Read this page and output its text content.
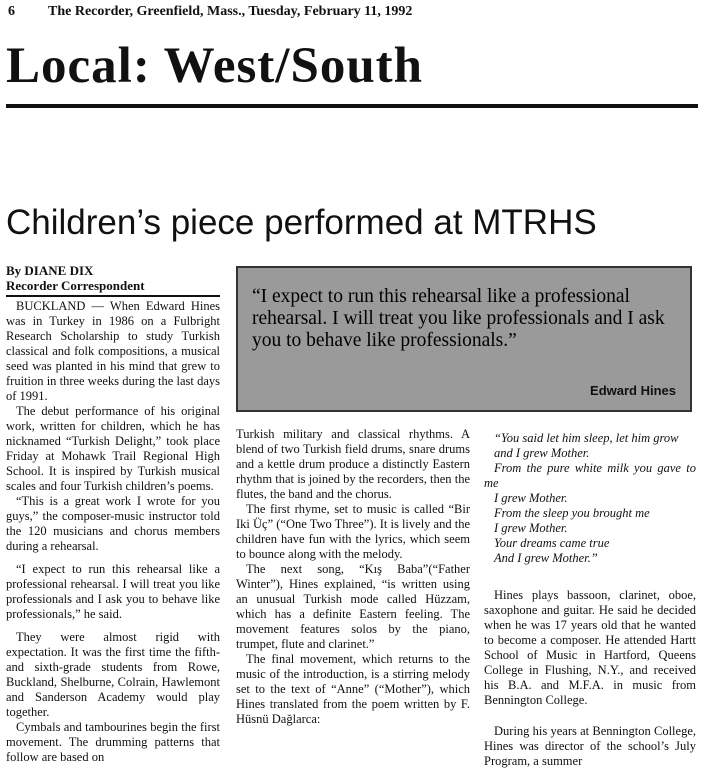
6 The Recorder, Greenfield, Mass., Tuesday, February 11, 1992
Local: West/South
Children’s piece performed at MTRHS
By DIANE DIX
Recorder Correspondent
“I expect to run this rehearsal like a professional rehearsal. I will treat you like professionals and I ask you to behave like professionals.”
Edward Hines

BUCKLAND — When Edward Hines was in Turkey in 1986 on a Fulbright Research Scholarship to study Turkish classical and folk compositions, a musical seed was planted in his mind that grew to fruition in three weeks during the last days of 1991.

The debut performance of his original work, written for children, which he has nicknamed “Turkish Delight,” took place Friday at Mohawk Trail Regional High School. It is inspired by Turkish musical scales and four Turkish children’s poems.

“This is a great work I wrote for you guys,” the composer-music instructor told the 120 musicians and chorus members during a rehearsal.

“I expect to run this rehearsal like a professional rehearsal. I will treat you like professionals and I ask you to behave like professionals,” he said.

They were almost rigid with expectation. It was the first time the fifth- and sixth-grade students from Rowe, Buckland, Shelburne, Colrain, Hawlemont and Sanderson Academy would play together.

Cymbals and tambourines begin the first movement. The drumming patterns that follow are based on

Turkish military and classical rhythms. A blend of two Turkish field drums, snare drums and a kettle drum produce a distinctly Eastern rhythm that is joined by the recorders, then the flutes, the band and the chorus.

The first rhyme, set to music is called “Bir Iki Üç” (“One Two Three”). It is lively and the children have fun with the lyrics, which seem to bounce along with the melody.

The next song, “Kış Baba”(“Father Winter”), Hines explained, “is written using an unusual Turkish mode called Hüzzam, which has a definite Eastern feeling. The movement features solos by the piano, trumpet, flute and clarinet.”

The final movement, which returns to the music of the introduction, is a stirring melody set to the text of “Anne” (“Mother”), which Hines translated from the poem written by F. Hüsnü Dağlarca:

“You said let him sleep, let him grow
and I grew Mother.
From the pure white milk you gave to me
I grew Mother.
From the sleep you brought me
I grew Mother.
Your dreams came true
And I grew Mother.”

Hines plays bassoon, clarinet, oboe, saxophone and guitar. He said he decided when he was 17 years old that he wanted to become a composer. He attended Hartt School of Music in Hartford, Queens College in Flushing, N.Y., and received his B.A. and M.F.A. in music from Bennington College.

During his years at Bennington College, Hines was director of the school’s July Program, a summer
